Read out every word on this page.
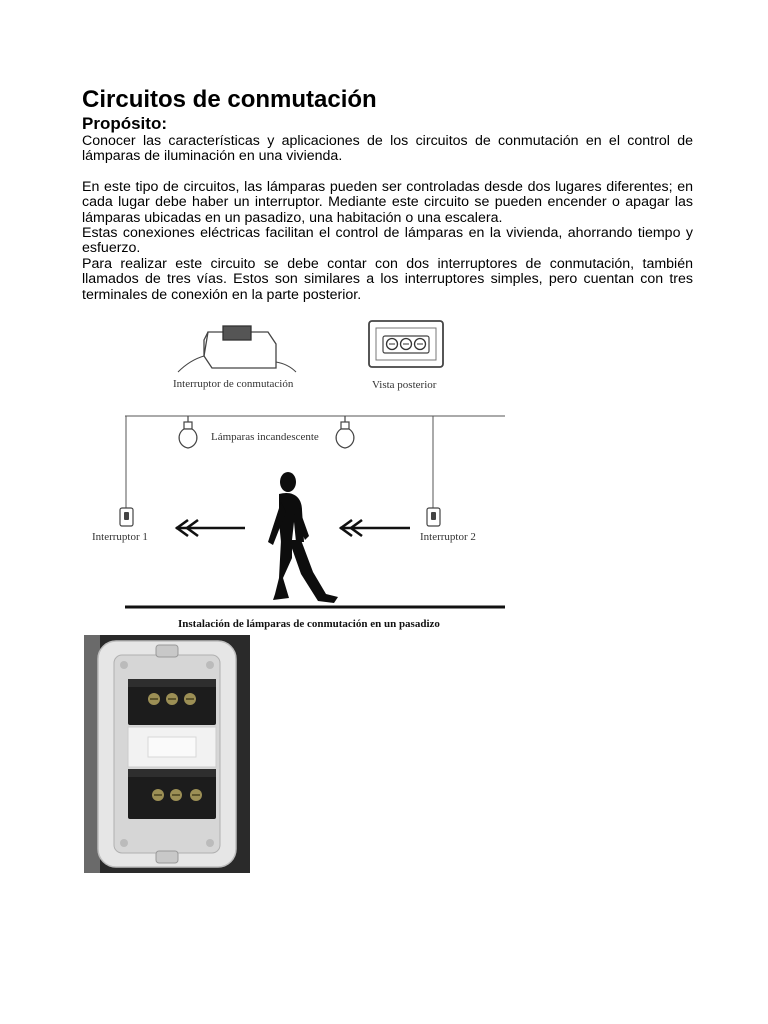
Circuitos de conmutación
Propósito:

Conocer las características y aplicaciones de los circuitos de conmutación en el control de lámparas de iluminación en una vivienda.

En este tipo de circuitos, las lámparas pueden ser controladas desde dos lugares diferentes; en cada lugar debe haber un interruptor. Mediante este circuito se pueden encender o apagar las lámparas ubicadas en un pasadizo, una habitación o una escalera.

Estas conexiones eléctricas facilitan el control de lámparas en la vivienda, ahorrando tiempo y esfuerzo.

Para realizar este circuito se debe contar con dos interruptores de conmutación, también llamados de tres vías. Estos son similares a los interruptores simples, pero cuentan con tres terminales de conexión en la parte posterior.

Interruptor de conmutación	Vista posterior
Lámparas incandescente
Interruptor 1	Interruptor 2
Instalación de lámparas de conmutación en un pasadizo
